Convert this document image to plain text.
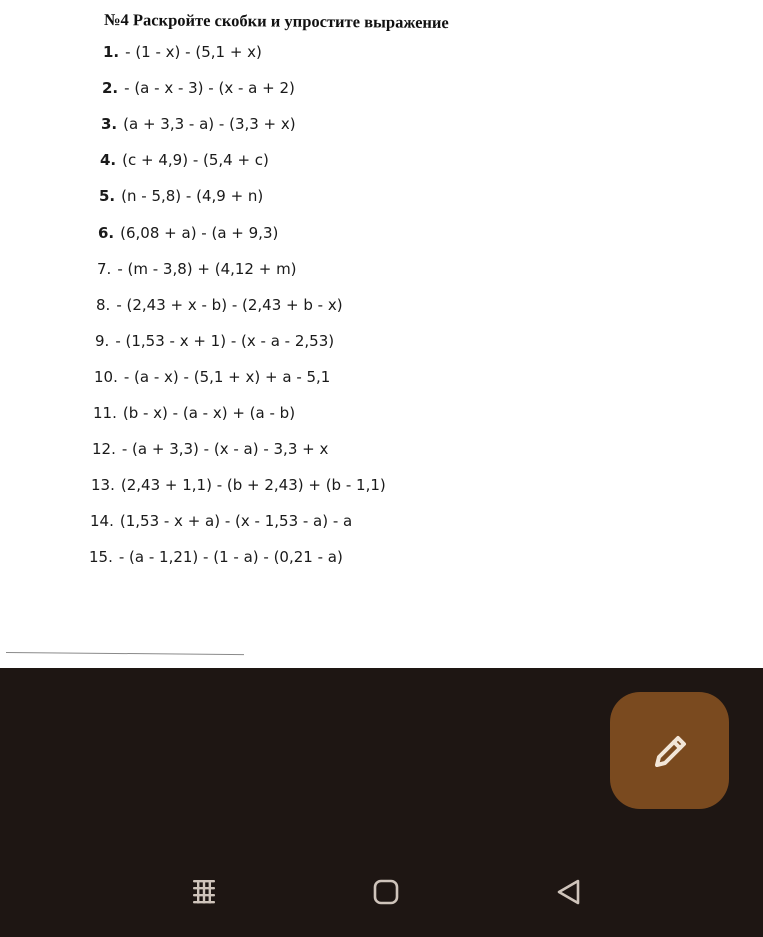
№4 Раскройте скобки и упростите выражение
1. - (1 - x) - (5,1 + x)
2. - (a - x - 3) - (x - a + 2)
3. (a + 3,3 - a) - (3,3 + x)
4. (c + 4,9) - (5,4 + c)
5. (n - 5,8) - (4,9 + n)
6. (6,08 + a) - (a + 9,3)
7. - (m - 3,8) + (4,12 + m)
8. - (2,43 + x - b) - (2,43 + b - x)
9. - (1,53 - x + 1) - (x - a - 2,53)
10. - (a - x) - (5,1 + x) + a - 5,1
11. (b - x) - (a - x) + (a - b)
12. - (a + 3,3) - (x - a) - 3,3 + x
13. (2,43 + 1,1) - (b + 2,43) + (b - 1,1)
14. (1,53 - x + a) - (x - 1,53 - a) - a
15. - (a - 1,21) - (1 - a) - (0,21 - a)
